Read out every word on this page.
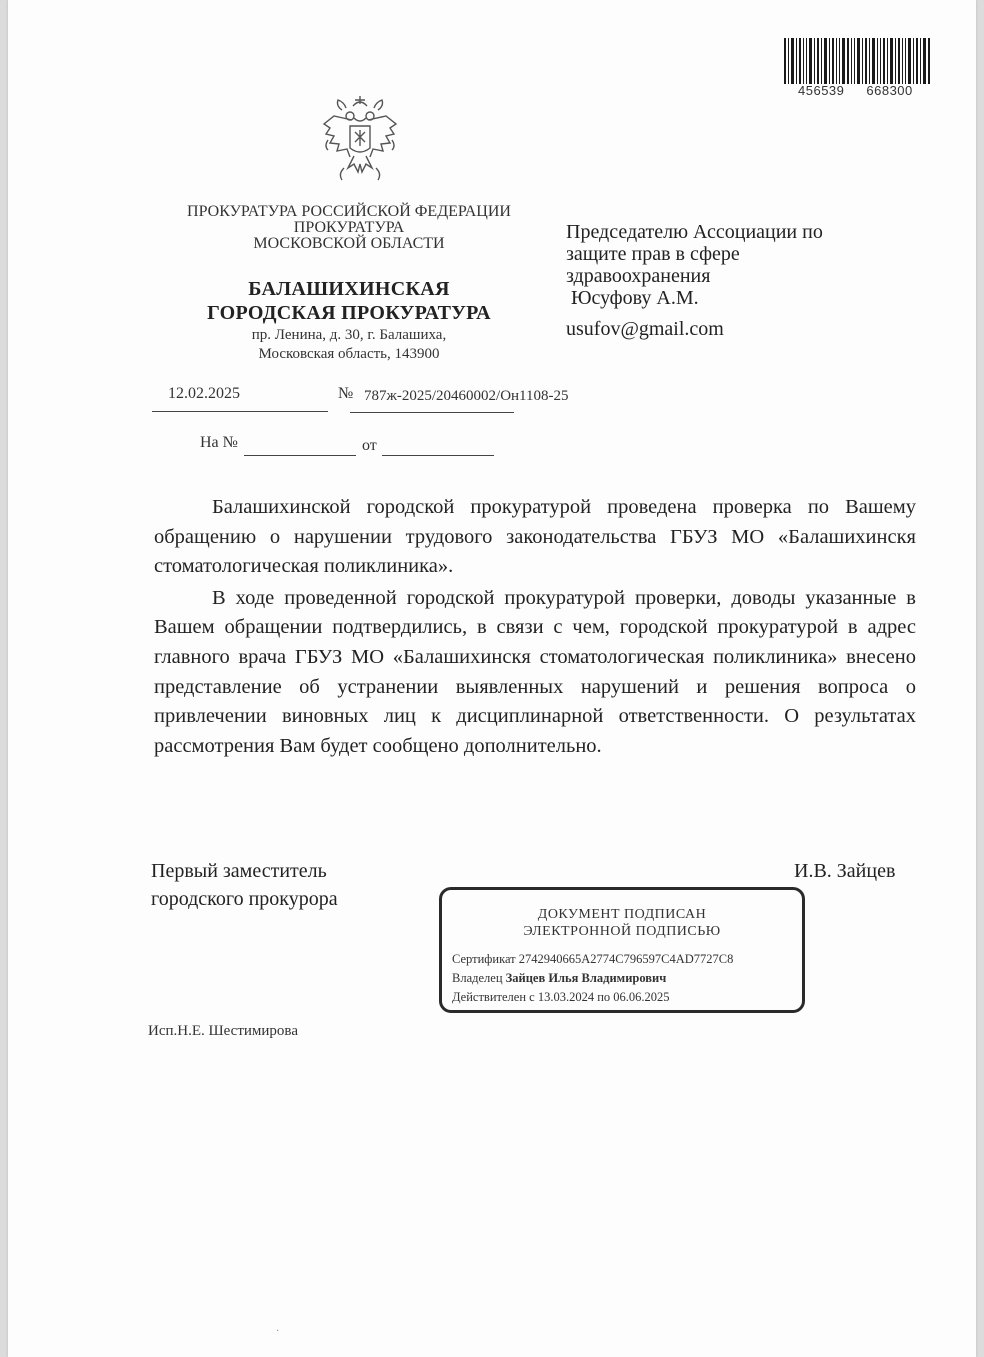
456539 668300
ПРОКУРАТУРА РОССИЙСКОЙ ФЕДЕРАЦИИ
ПРОКУРАТУРА
МОСКОВСКОЙ ОБЛАСТИ
БАЛАШИХИНСКАЯ
ГОРОДСКАЯ ПРОКУРАТУРА
пр. Ленина, д. 30, г. Балашиха,
Московская область, 143900
Председателю Ассоциации по
защите прав в сфере
здравоохранения
Юсуфову А.М.
usufov@gmail.com
12.02.2025	№ 787ж-2025/20460002/Он1108-25
На №	от

Балашихинской городской прокуратурой проведена проверка по Вашему обращению о нарушении трудового законодательства ГБУЗ МО «Балашихинскя стоматологическая поликлиника».

В ходе проведенной городской прокуратурой проверки, доводы указанные в Вашем обращении подтвердились, в связи с чем, городской прокуратурой в адрес главного врача ГБУЗ МО «Балашихинскя стоматологическая поликлиника» внесено представление об устранении выявленных нарушений и решения вопроса о привлечении виновных лиц к дисциплинарной ответственности. О результатах рассмотрения Вам будет сообщено дополнительно.

Первый заместитель
городского прокурора
И.В. Зайцев
ДОКУМЕНТ ПОДПИСАН
ЭЛЕКТРОННОЙ ПОДПИСЬЮ
Сертификат 2742940665A2774C796597C4AD7727C8
Владелец Зайцев Илья Владимирович
Действителен с 13.03.2024 по 06.06.2025
Исп.Н.Е. Шестимирова
·
